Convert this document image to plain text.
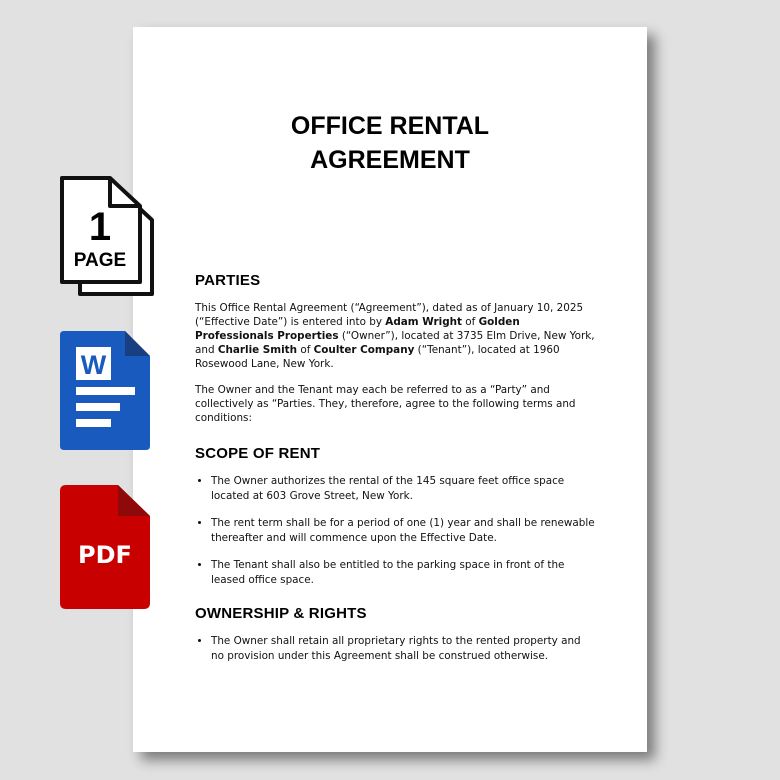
OFFICE RENTAL
AGREEMENT
PARTIES

This Office Rental Agreement (“Agreement”), dated as of January 10, 2025 (“Effective Date”) is entered into by Adam Wright of Golden Professionals Properties (“Owner”), located at 3735 Elm Drive, New York, and Charlie Smith of Coulter Company (“Tenant”), located at 1960 Rosewood Lane, New York.

The Owner and the Tenant may each be referred to as a “Party” and collectively as “Parties. They, therefore, agree to the following terms and conditions:

SCOPE OF RENT
• The Owner authorizes the rental of the 145 square feet office space located at 603 Grove Street, New York.
• The rent term shall be for a period of one (1) year and shall be renewable thereafter and will commence upon the Effective Date.
• The Tenant shall also be entitled to the parking space in front of the leased office space.
OWNERSHIP & RIGHTS
• The Owner shall retain all proprietary rights to the rented property and no provision under this Agreement shall be construed otherwise.
1
PAGE
W
PDF
